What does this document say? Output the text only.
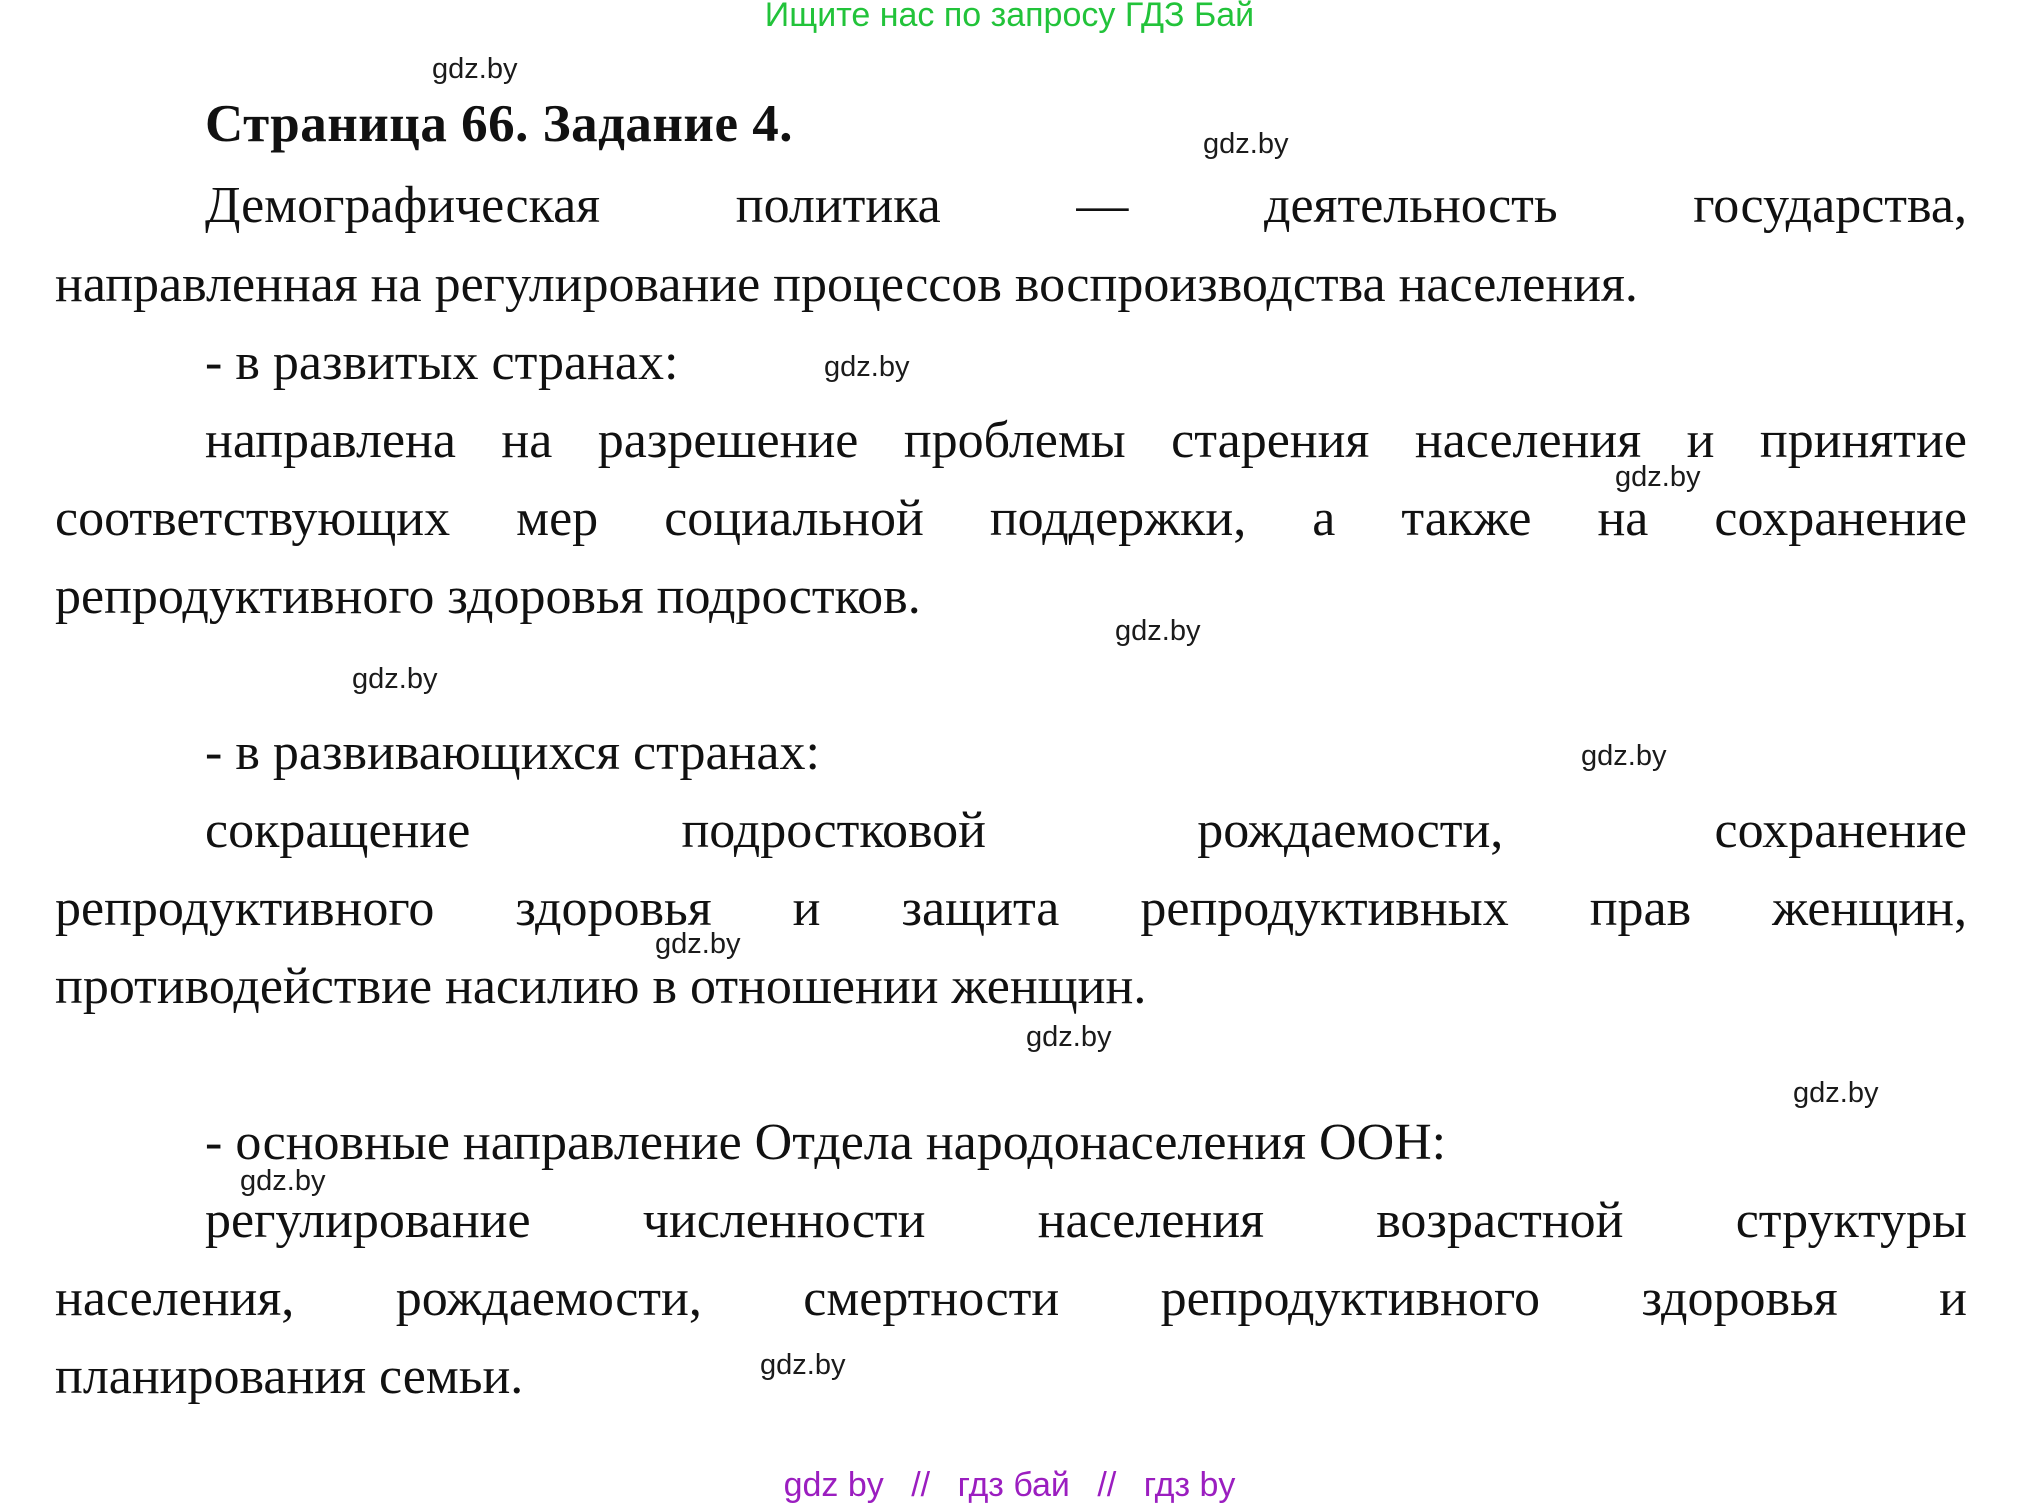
Ищите нас по запросу ГДЗ Бай
Страница 66. Задание 4.
Демографическая	политика	—	деятельность	государства,
направленная на регулирование процессов воспроизводства населения.
- в развитых странах:
направлена на разрешение проблемы старения населения и принятие
соответствующих мер социальной поддержки, а также на сохранение
репродуктивного здоровья подростков.
- в развивающихся странах:
сокращение	подростковой	рождаемости,	сохранение
репродуктивного здоровья и защита репродуктивных прав женщин,
противодействие насилию в отношении женщин.
- основные направление Отдела народонаселения ООН:
регулирование численности населения возрастной структуры
населения, рождаемости, смертности репродуктивного здоровья и
планирования семьи.
gdz.by
gdz.by
gdz.by
gdz.by
gdz.by
gdz.by
gdz.by
gdz.by
gdz.by
gdz.by
gdz.by
gdz.by
gdz by // гдз бай // гдз by
